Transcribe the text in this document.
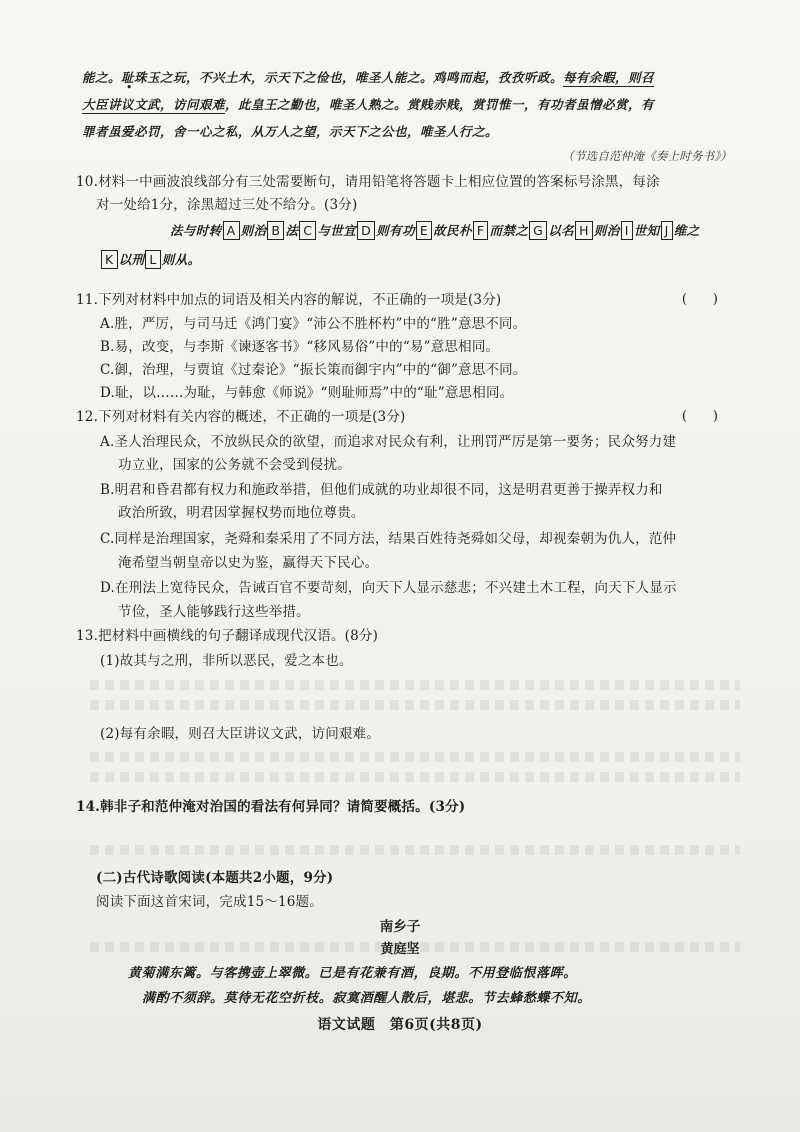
能之。耻珠玉之玩，不兴土木，示天下之俭也，唯圣人能之。鸡鸣而起，孜孜听政。每有余暇，则召
大臣讲议文武，访问艰难，此皇王之勤也，唯圣人熟之。赏贱赤贱，赏罚惟一，有功者虽憎必赏，有
罪者虽爱必罚，舍一心之私，从万人之望，示天下之公也，唯圣人行之。
（节选自范仲淹《奏上时务书》）
10.材料一中画波浪线部分有三处需要断句，请用铅笔将答题卡上相应位置的答案标号涂黑，每涂
对一处给1分，涂黑超过三处不给分。(3分)
法与时转 A 则治 B 法 C 与世宜 D 则有功 E 故民朴 F 而禁之 G 以名 H 则治 I 世知 J 维之
K 以刑 L 则从。
11.下列对材料中加点的词语及相关内容的解说，不正确的一项是(3分)	(　　)
A.胜，严厉，与司马迁《鸿门宴》“沛公不胜杯杓”中的“胜”意思不同。
B.易，改变，与李斯《谏逐客书》“移风易俗”中的“易”意思相同。
C.御，治理，与贾谊《过秦论》“振长策而御宇内”中的“御”意思不同。
D.耻，以……为耻，与韩愈《师说》“则耻师焉”中的“耻”意思相同。
12.下列对材料有关内容的概述，不正确的一项是(3分)	(　　)
A.圣人治理民众，不放纵民众的欲望，而追求对民众有利，让刑罚严厉是第一要务；民众努力建
功立业，国家的公务就不会受到侵扰。
B.明君和昏君都有权力和施政举措，但他们成就的功业却很不同，这是明君更善于操弄权力和
政治所致，明君因掌握权势而地位尊贵。
C.同样是治理国家，尧舜和秦采用了不同方法，结果百姓待尧舜如父母，却视秦朝为仇人，范仲
淹希望当朝皇帝以史为鉴，赢得天下民心。
D.在刑法上宽待民众，告诫百官不要苛刻，向天下人显示慈悲；不兴建土木工程，向天下人显示
节俭，圣人能够践行这些举措。
13.把材料中画横线的句子翻译成现代汉语。(8分)
(1)故其与之刑，非所以恶民，爱之本也。
(2)每有余暇，则召大臣讲议文武，访问艰难。
14.韩非子和范仲淹对治国的看法有何异同？请简要概括。(3分)
(二)古代诗歌阅读(本题共2小题，9分)
阅读下面这首宋词，完成15～16题。
南乡子
黄庭坚
黄菊满东篱。与客携壶上翠微。已是有花兼有酒，良期。不用登临恨落晖。
满酌不须辞。莫待无花空折枝。寂寞酒醒人散后，堪悲。节去蜂愁蝶不知。
语文试题　第6页(共8页)
